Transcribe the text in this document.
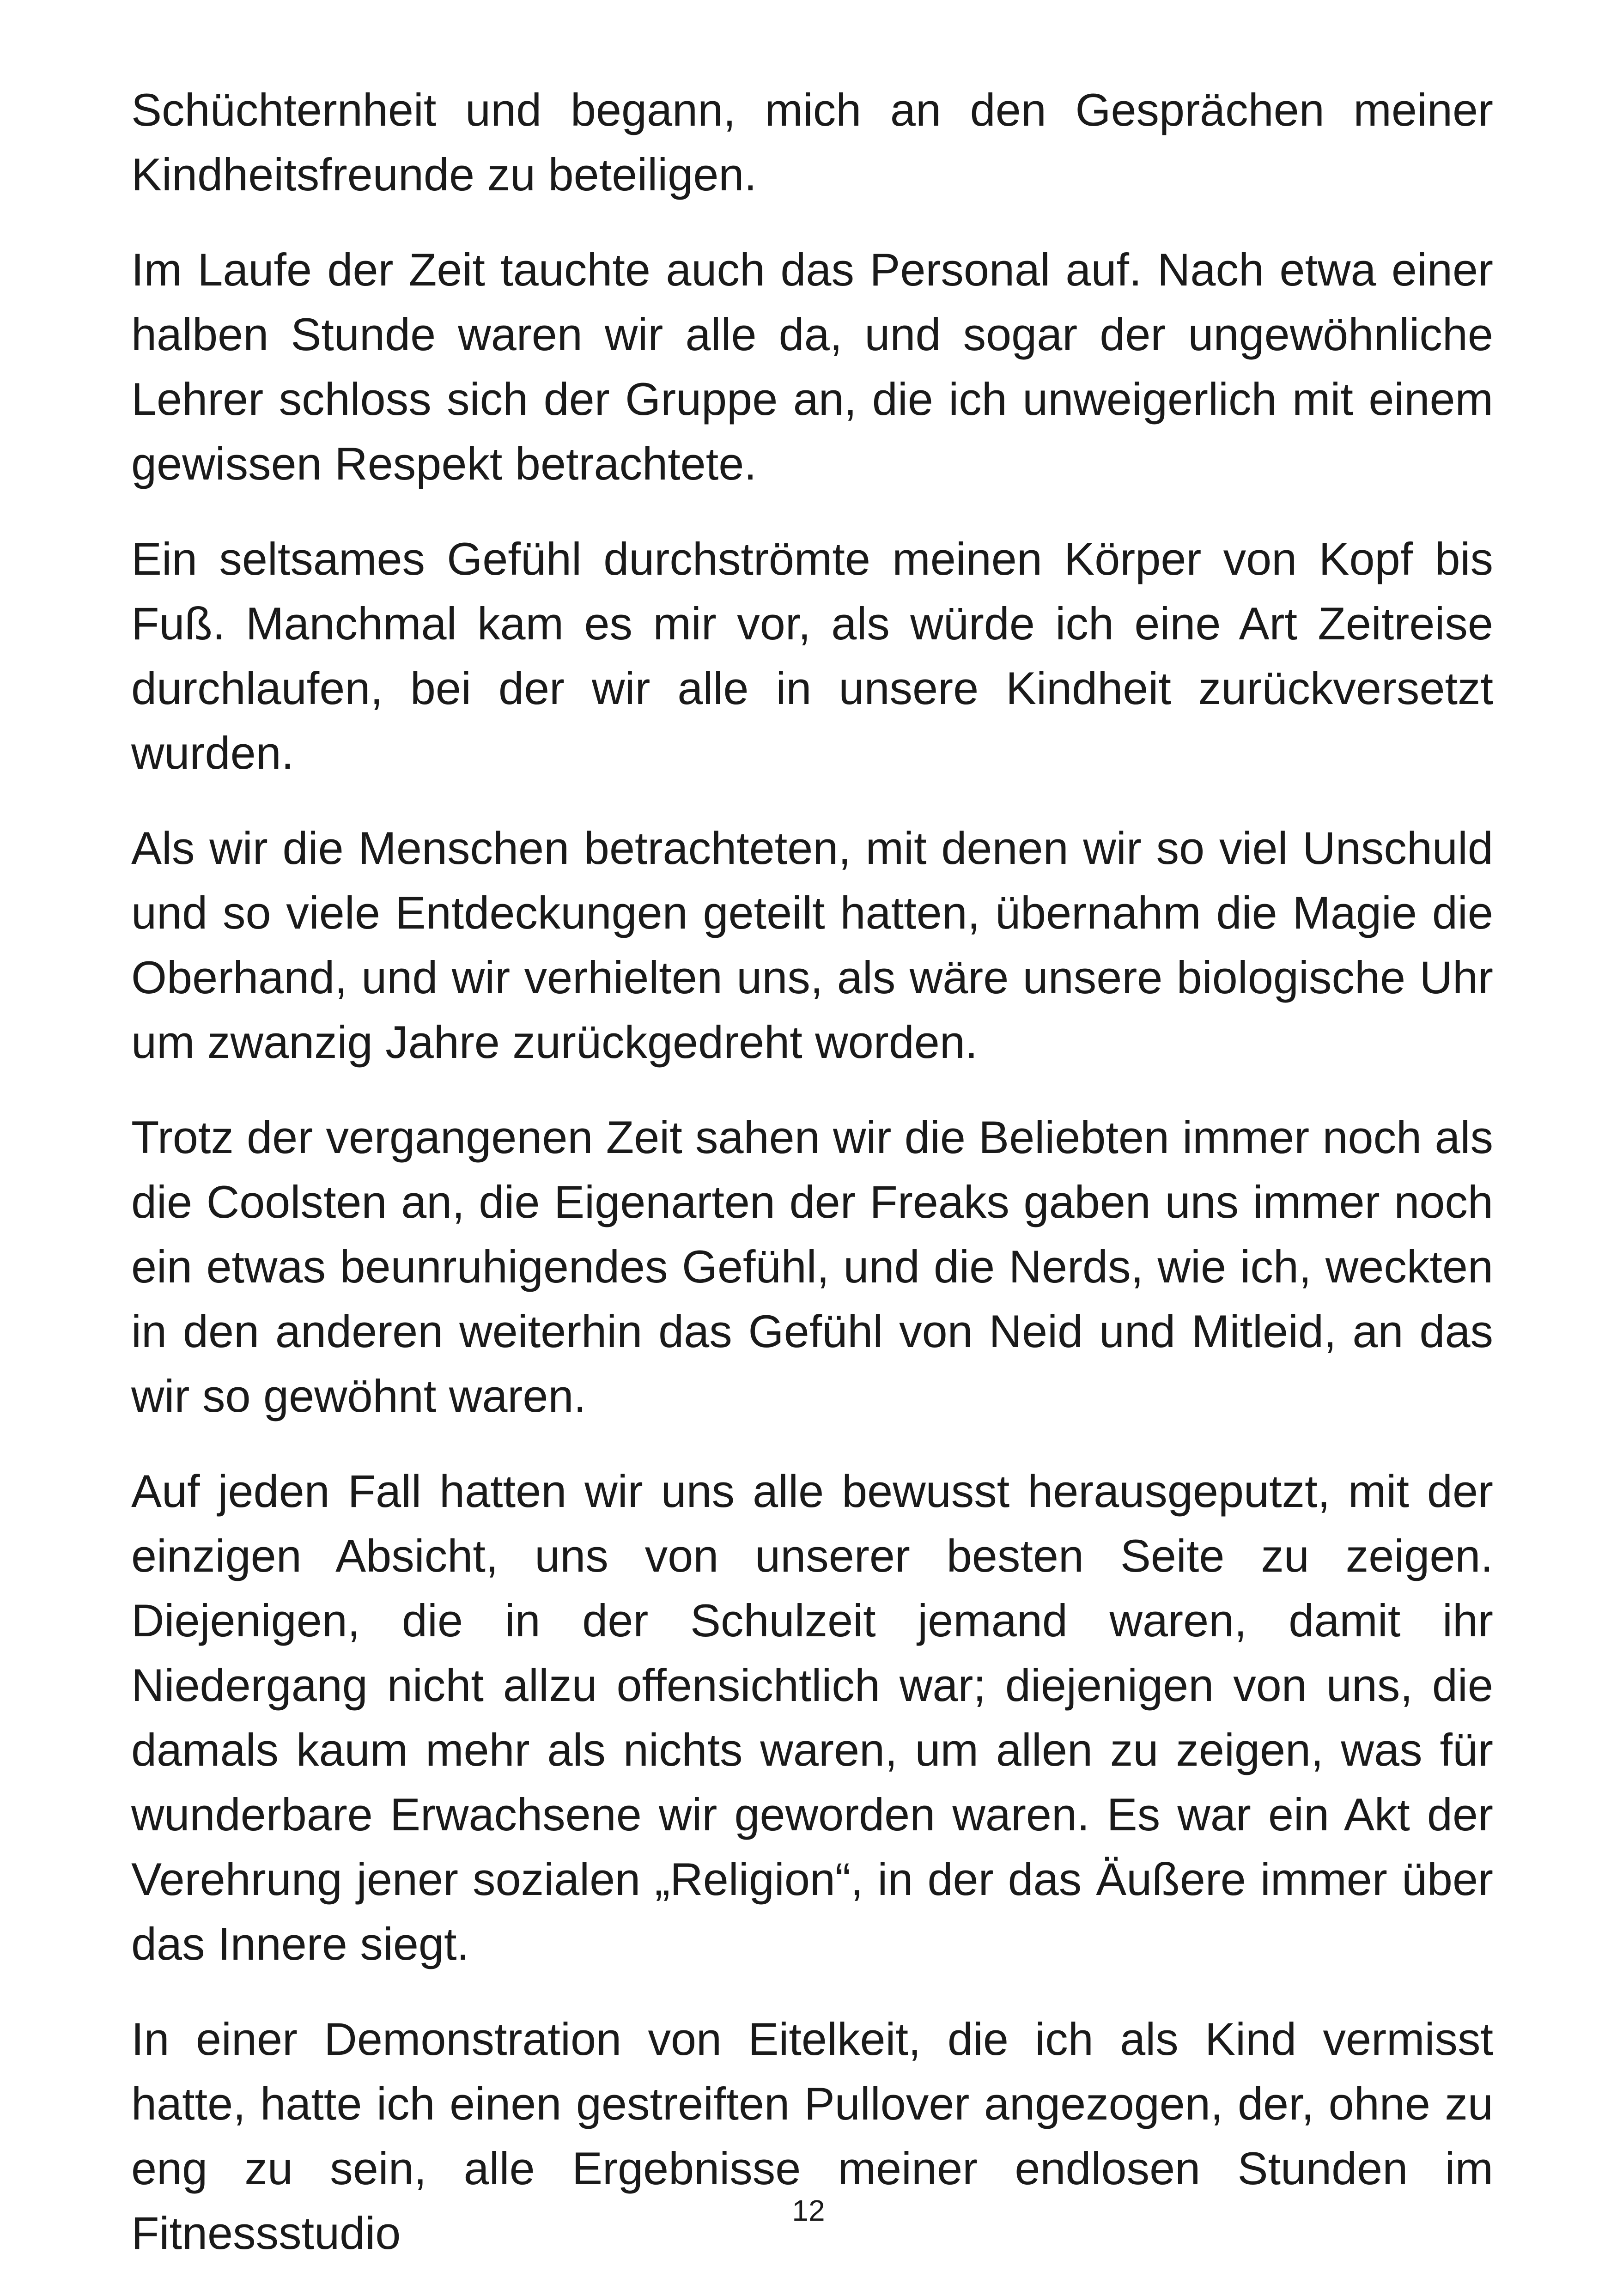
Schüchternheit und begann, mich an den Gesprächen meiner Kindheitsfreunde zu beteiligen.

Im Laufe der Zeit tauchte auch das Personal auf. Nach etwa einer halben Stunde waren wir alle da, und sogar der ungewöhnliche Lehrer schloss sich der Gruppe an, die ich unweigerlich mit einem gewissen Respekt betrachtete.

Ein seltsames Gefühl durchströmte meinen Körper von Kopf bis Fuß. Manchmal kam es mir vor, als würde ich eine Art Zeitreise durchlaufen, bei der wir alle in unsere Kindheit zurückversetzt wurden.

Als wir die Menschen betrachteten, mit denen wir so viel Unschuld und so viele Entdeckungen geteilt hatten, übernahm die Magie die Oberhand, und wir verhielten uns, als wäre unsere biologische Uhr um zwanzig Jahre zurückgedreht worden.

Trotz der vergangenen Zeit sahen wir die Beliebten immer noch als die Coolsten an, die Eigenarten der Freaks gaben uns immer noch ein etwas beunruhigendes Gefühl, und die Nerds, wie ich, weckten in den anderen weiterhin das Gefühl von Neid und Mitleid, an das wir so gewöhnt waren.

Auf jeden Fall hatten wir uns alle bewusst herausgeputzt, mit der einzigen Absicht, uns von unserer besten Seite zu zeigen. Diejenigen, die in der Schulzeit jemand waren, damit ihr Niedergang nicht allzu offensichtlich war; diejenigen von uns, die damals kaum mehr als nichts waren, um allen zu zeigen, was für wunderbare Erwachsene wir geworden waren. Es war ein Akt der Verehrung jener sozialen „Religion“, in der das Äußere immer über das Innere siegt.

In einer Demonstration von Eitelkeit, die ich als Kind vermisst hatte, hatte ich einen gestreiften Pullover angezogen, der, ohne zu eng zu sein, alle Ergebnisse meiner endlosen Stunden im Fitnessstudio	12
